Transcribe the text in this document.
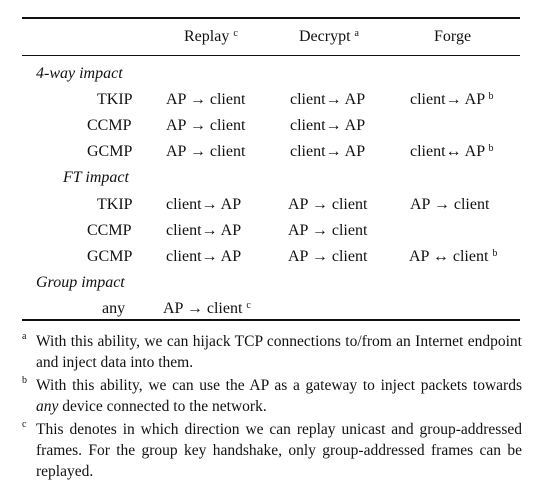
Replay $^c$	Decrypt $^a$	Forge
4-way impact
TKIP AP → client	client→ AP	client→ AP $^b$
CCMP AP → client	client→ AP
GCMP AP → client	client→ AP	client↔ AP $^b$
FT impact
TKIP client→ AP	AP → client	AP → client
CCMP client→ AP	AP → client
GCMP client→ AP	AP → client	AP ↔ client $^b$
Group impact
any AP → client $^c$
a With this ability, we can hijack TCP connections to/from an Internet endpoint and inject data into them.
b With this ability, we can use the AP as a gateway to inject packets towards any device connected to the network.
c This denotes in which direction we can replay unicast and group-addressed frames. For the group key handshake, only group-addressed frames can be replayed.
